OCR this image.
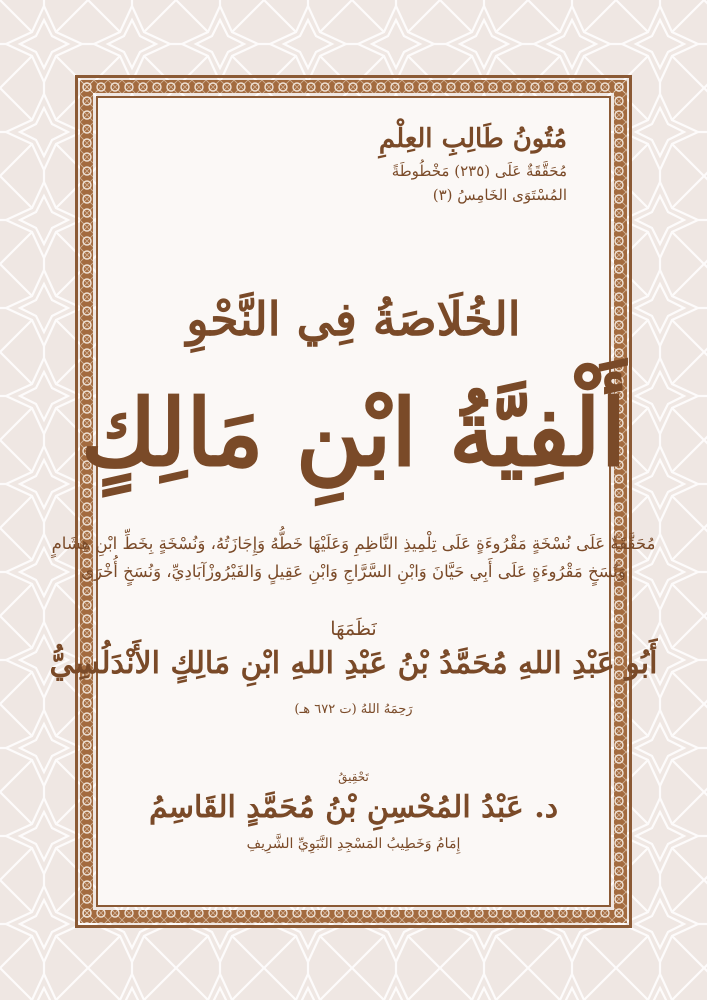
مُتُونُ طَالِبِ العِلْمِ
مُحَقَّقَةٌ عَلَى (٢٣٥) مَخْطُوطَةً
المُسْتَوَى الخَامِسُ (٣)
الخُلَاصَةُ فِي النَّحْوِ
أَلْفِيَّةُ ابْنِ مَالِكٍ
مُحَقَّقَةٌ عَلَى نُسْخَةٍ مَقْرُوءَةٍ عَلَى تِلْمِيذِ النَّاظِمِ وَعَلَيْهَا خَطُّهُ وَإِجَازَتُهُ، وَنُسْخَةٍ بِخَطِّ ابْنِ هِشَامٍ
وَنُسَخٍ مَقْرُوءَةٍ عَلَى أَبِي حَيَّانَ وَابْنِ السَّرَّاجِ وَابْنِ عَقِيلٍ وَالفَيْرُوزْآبَادِيِّ، وَنُسَخٍ أُخْرَى
نَظَمَهَا
أَبُو عَبْدِ اللهِ مُحَمَّدُ بْنُ عَبْدِ اللهِ ابْنِ مَالِكٍ الأَنْدَلُسِيُّ
رَحِمَهُ اللهُ (ت ٦٧٢ هـ)
تَحْقِيقُ
د. عَبْدُ المُحْسِنِ بْنُ مُحَمَّدٍ القَاسِمُ
إِمَامُ وَخَطِيبُ المَسْجِدِ النَّبَوِيِّ الشَّرِيفِ
